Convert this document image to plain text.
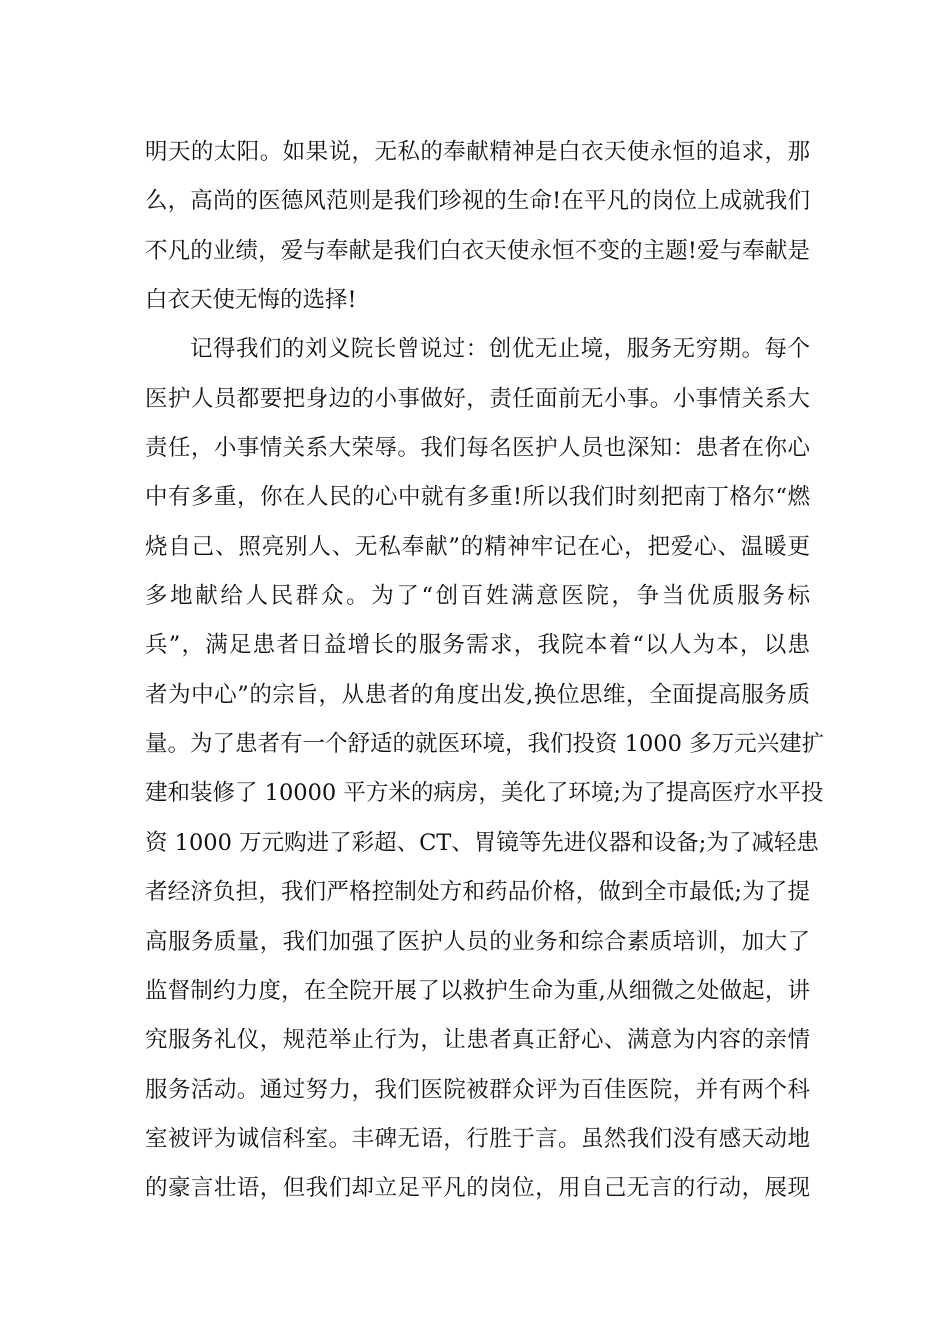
明天的太阳。如果说，无私的奉献精神是白衣天使永恒的追求，那
么，高尚的医德风范则是我们珍视的生命!在平凡的岗位上成就我们
不凡的业绩，爱与奉献是我们白衣天使永恒不变的主题!爱与奉献是
白衣天使无悔的选择!
记得我们的刘义院长曾说过：创优无止境，服务无穷期。每个
医护人员都要把身边的小事做好，责任面前无小事。小事情关系大
责任，小事情关系大荣辱。我们每名医护人员也深知：患者在你心
中有多重，你在人民的心中就有多重!所以我们时刻把南丁格尔“燃
烧自己、照亮别人、无私奉献”的精神牢记在心，把爱心、温暖更
多地献给人民群众。为了“创百姓满意医院，争当优质服务标
兵”，满足患者日益增长的服务需求，我院本着“以人为本，以患
者为中心”的宗旨，从患者的角度出发,换位思维，全面提高服务质
量。为了患者有一个舒适的就医环境，我们投资 1000 多万元兴建扩
建和装修了 10000 平方米的病房，美化了环境;为了提高医疗水平投
资 1000 万元购进了彩超、CT、胃镜等先进仪器和设备;为了减轻患
者经济负担，我们严格控制处方和药品价格，做到全市最低;为了提
高服务质量，我们加强了医护人员的业务和综合素质培训，加大了
监督制约力度，在全院开展了以救护生命为重,从细微之处做起，讲
究服务礼仪，规范举止行为，让患者真正舒心、满意为内容的亲情
服务活动。通过努力，我们医院被群众评为百佳医院，并有两个科
室被评为诚信科室。丰碑无语，行胜于言。虽然我们没有感天动地
的豪言壮语，但我们却立足平凡的岗位，用自己无言的行动，展现
